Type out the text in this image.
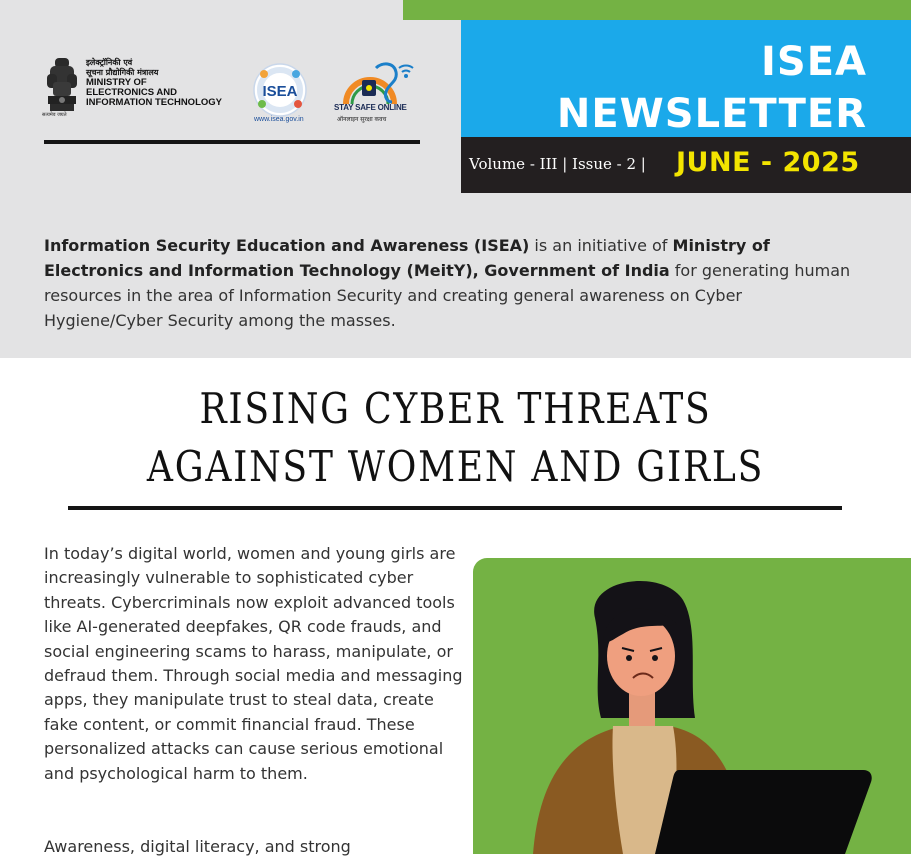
सत्यमेव जयते
इलेक्ट्रॉनिकी एवं
सूचना प्रौद्योगिकी मंत्रालय
MINISTRY OF
ELECTRONICS AND
INFORMATION TECHNOLOGY
ISEA
www.isea.gov.in
STAY SAFE ONLINE
ऑनलाइन सुरक्षा कवच
ISEA
NEWSLETTER
Volume - III | Issue - 2 | JUNE - 2025

Information Security Education and Awareness (ISEA) is an initiative of Ministry of Electronics and Information Technology (MeitY), Government of India for generating human resources in the area of Information Security and creating general awareness on Cyber Hygiene/Cyber Security among the masses.

RISING CYBER THREATS
AGAINST WOMEN AND GIRLS

In today’s digital world, women and young girls are increasingly vulnerable to sophisticated cyber threats. Cybercriminals now exploit advanced tools like AI-generated deepfakes, QR code frauds, and social engineering scams to harass, manipulate, or defraud them. Through social media and messaging apps, they manipulate trust to steal data, create fake content, or commit financial fraud. These personalized attacks can cause serious emotional and psychological harm to them.

Awareness, digital literacy, and strong
